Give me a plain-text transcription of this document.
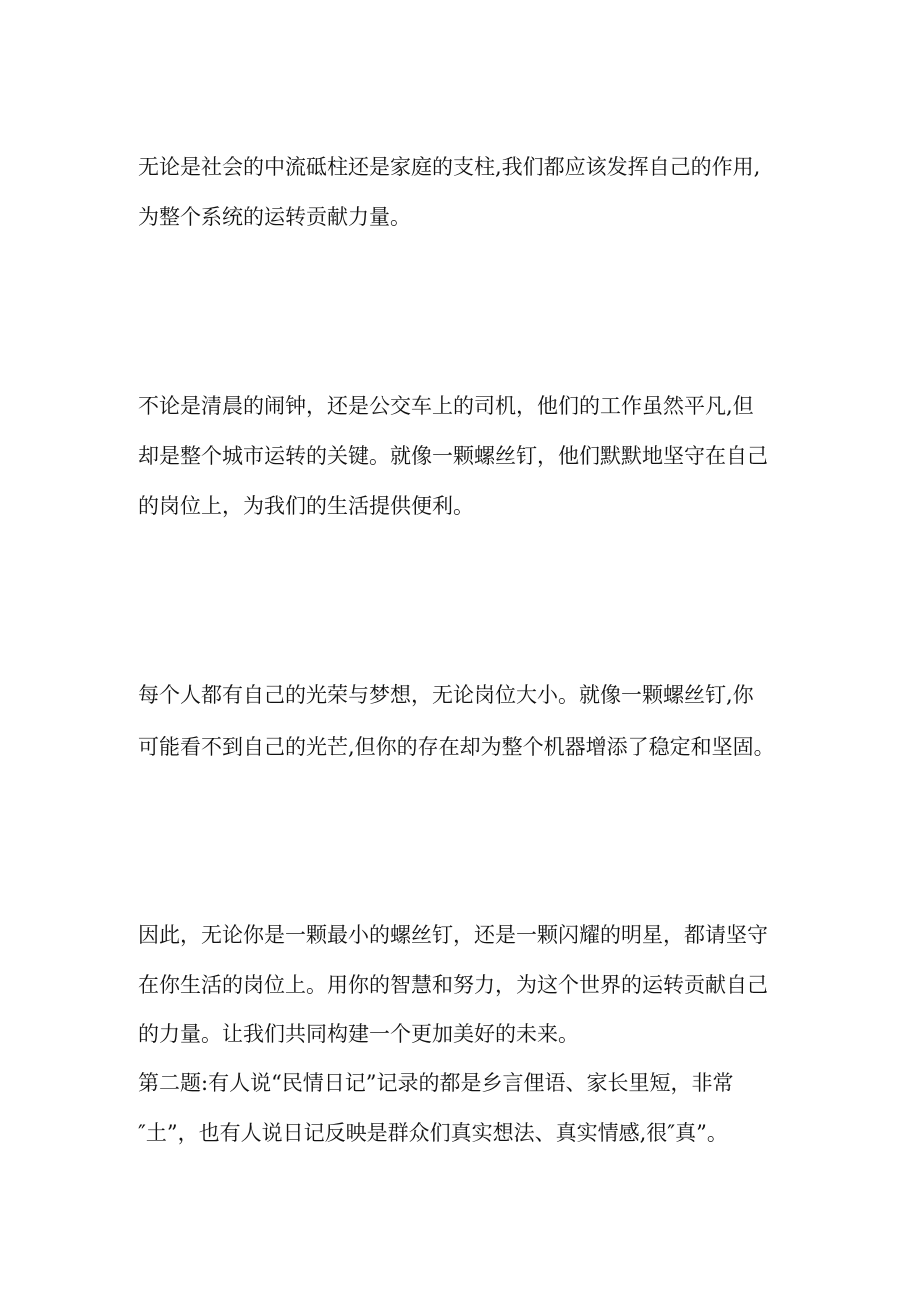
无论是社会的中流砥柱还是家庭的支柱,我们都应该发挥自己的作用,
为整个系统的运转贡献力量。
不论是清晨的闹钟，还是公交车上的司机，他们的工作虽然平凡,但
却是整个城市运转的关键。就像一颗螺丝钉，他们默默地坚守在自己
的岗位上，为我们的生活提供便利。
每个人都有自己的光荣与梦想，无论岗位大小。就像一颗螺丝钉,你
可能看不到自己的光芒,但你的存在却为整个机器增添了稳定和坚固。
因此，无论你是一颗最小的螺丝钉，还是一颗闪耀的明星，都请坚守
在你生活的岗位上。用你的智慧和努力，为这个世界的运转贡献自己
的力量。让我们共同构建一个更加美好的未来。
第二题:有人说“民情日记”记录的都是乡言俚语、家长里短，非常
″土”，也有人说日记反映是群众们真实想法、真实情感,很″真”。
